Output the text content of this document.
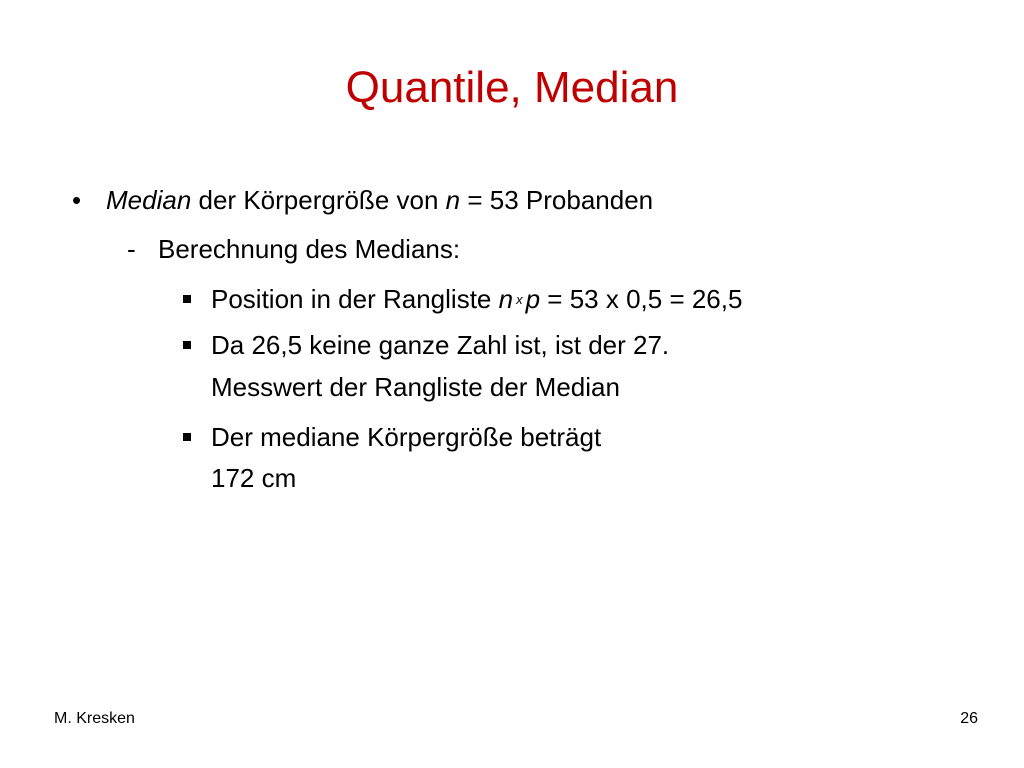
Quantile, Median
• Median der Körpergröße von n = 53 Probanden
- Berechnung des Medians:
Position in der Rangliste n x p = 53 x 0,5 = 26,5
Da 26,5 keine ganze Zahl ist, ist der 27.
Messwert der Rangliste der Median
Der mediane Körpergröße beträgt
172 cm
M. Kresken	26
